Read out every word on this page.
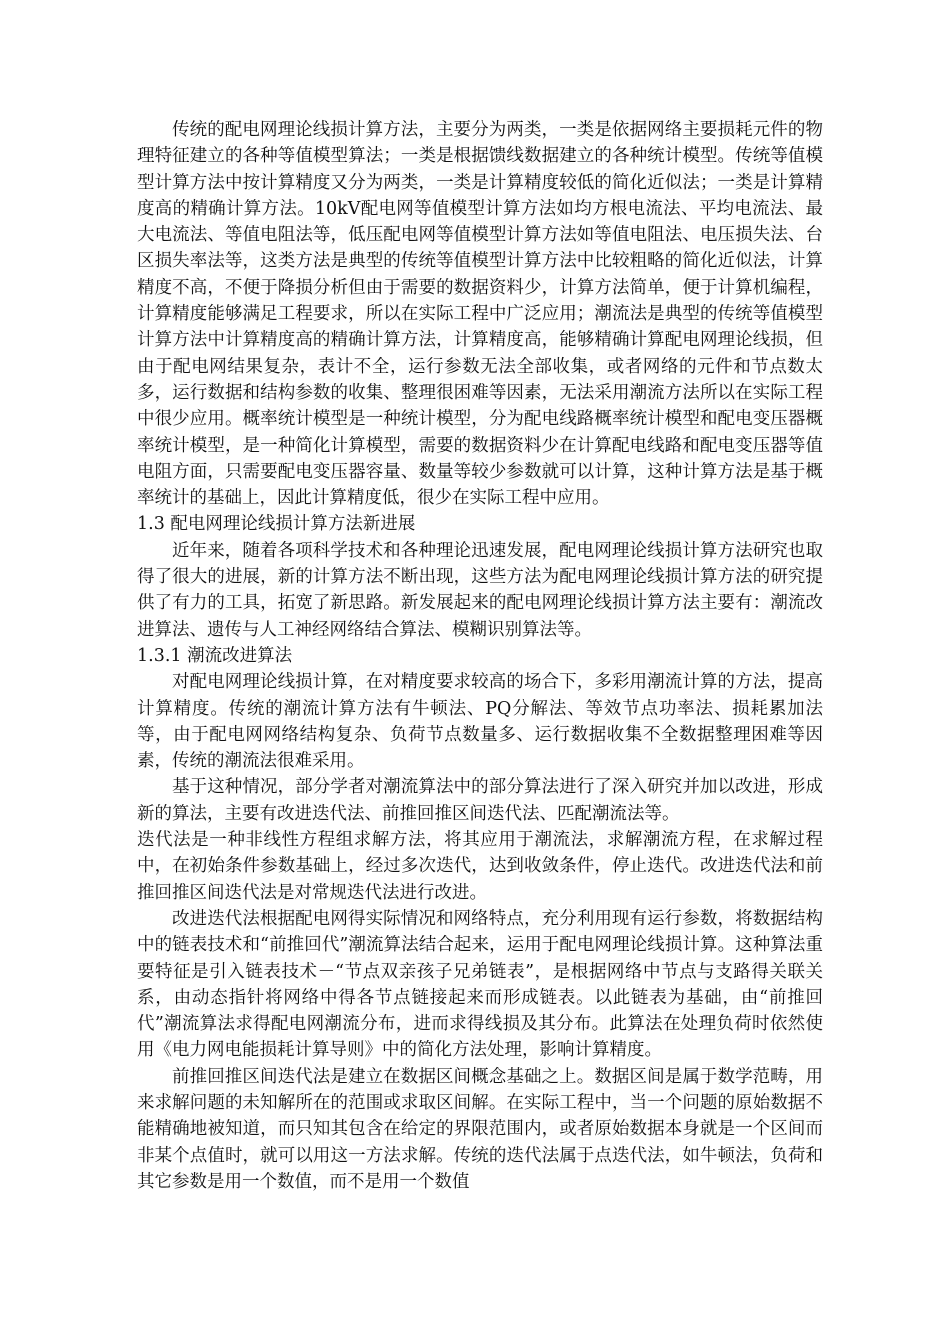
传统的配电网理论线损计算方法，主要分为两类，一类是依据网络主要损耗元件的物理特征建立的各种等值模型算法；一类是根据馈线数据建立的各种统计模型。传统等值模型计算方法中按计算精度又分为两类，一类是计算精度较低的简化近似法；一类是计算精度高的精确计算方法。10kV配电网等值模型计算方法如均方根电流法、平均电流法、最大电流法、等值电阻法等，低压配电网等值模型计算方法如等值电阻法、电压损失法、台区损失率法等，这类方法是典型的传统等值模型计算方法中比较粗略的简化近似法，计算精度不高，不便于降损分析但由于需要的数据资料少，计算方法简单，便于计算机编程，计算精度能够满足工程要求，所以在实际工程中广泛应用；潮流法是典型的传统等值模型计算方法中计算精度高的精确计算方法，计算精度高，能够精确计算配电网理论线损，但由于配电网结果复杂，表计不全，运行参数无法全部收集，或者网络的元件和节点数太多，运行数据和结构参数的收集、整理很困难等因素，无法采用潮流方法所以在实际工程中很少应用。概率统计模型是一种统计模型，分为配电线路概率统计模型和配电变压器概率统计模型，是一种简化计算模型，需要的数据资料少在计算配电线路和配电变压器等值电阻方面，只需要配电变压器容量、数量等较少参数就可以计算，这种计算方法是基于概率统计的基础上，因此计算精度低，很少在实际工程中应用。

1.3 配电网理论线损计算方法新进展

近年来，随着各项科学技术和各种理论迅速发展，配电网理论线损计算方法研究也取得了很大的进展，新的计算方法不断出现，这些方法为配电网理论线损计算方法的研究提供了有力的工具，拓宽了新思路。新发展起来的配电网理论线损计算方法主要有：潮流改进算法、遗传与人工神经网络结合算法、模糊识别算法等。

1.3.1 潮流改进算法

对配电网理论线损计算，在对精度要求较高的场合下，多彩用潮流计算的方法，提高计算精度。传统的潮流计算方法有牛顿法、PQ分解法、等效节点功率法、损耗累加法等，由于配电网网络结构复杂、负荷节点数量多、运行数据收集不全数据整理困难等因素，传统的潮流法很难采用。

基于这种情况，部分学者对潮流算法中的部分算法进行了深入研究并加以改进，形成新的算法，主要有改进迭代法、前推回推区间迭代法、匹配潮流法等。

迭代法是一种非线性方程组求解方法，将其应用于潮流法，求解潮流方程，在求解过程中，在初始条件参数基础上，经过多次迭代，达到收敛条件，停止迭代。改进迭代法和前推回推区间迭代法是对常规迭代法进行改进。

改进迭代法根据配电网得实际情况和网络特点，充分利用现有运行参数，将数据结构中的链表技术和“前推回代”潮流算法结合起来，运用于配电网理论线损计算。这种算法重要特征是引入链表技术－“节点双亲孩子兄弟链表”，是根据网络中节点与支路得关联关系，由动态指针将网络中得各节点链接起来而形成链表。以此链表为基础，由“前推回代”潮流算法求得配电网潮流分布，进而求得线损及其分布。此算法在处理负荷时依然使用《电力网电能损耗计算导则》中的简化方法处理，影响计算精度。

前推回推区间迭代法是建立在数据区间概念基础之上。数据区间是属于数学范畴，用来求解问题的未知解所在的范围或求取区间解。在实际工程中，当一个问题的原始数据不能精确地被知道，而只知其包含在给定的界限范围内，或者原始数据本身就是一个区间而非某个点值时，就可以用这一方法求解。传统的迭代法属于点迭代法，如牛顿法，负荷和其它参数是用一个数值，而不是用一个数值
